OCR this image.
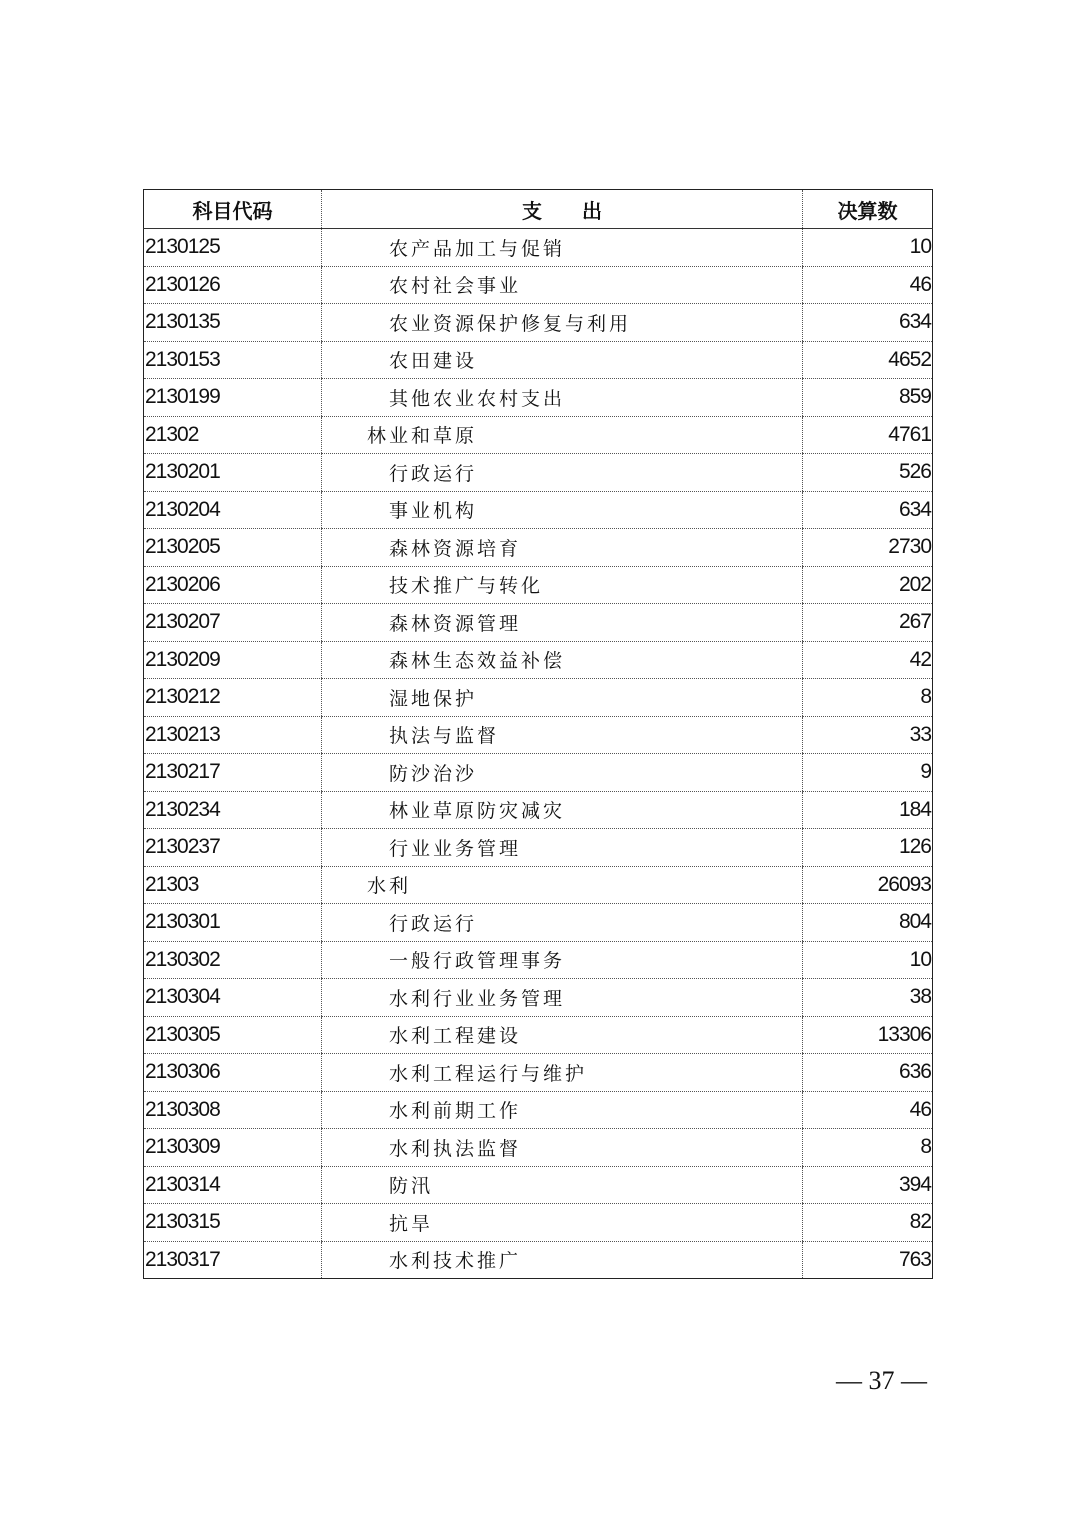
科目代码	支　　出	决算数
2130125	农产品加工与促销	10
2130126	农村社会事业	46
2130135	农业资源保护修复与利用	634
2130153	农田建设	4652
2130199	其他农业农村支出	859
21302	林业和草原	4761
2130201	行政运行	526
2130204	事业机构	634
2130205	森林资源培育	2730
2130206	技术推广与转化	202
2130207	森林资源管理	267
2130209	森林生态效益补偿	42
2130212	湿地保护	8
2130213	执法与监督	33
2130217	防沙治沙	9
2130234	林业草原防灾减灾	184
2130237	行业业务管理	126
21303	水利	26093
2130301	行政运行	804
2130302	一般行政管理事务	10
2130304	水利行业业务管理	38
2130305	水利工程建设	13306
2130306	水利工程运行与维护	636
2130308	水利前期工作	46
2130309	水利执法监督	8
2130314	防汛	394
2130315	抗旱	82
2130317	水利技术推广	763
— 37 —
